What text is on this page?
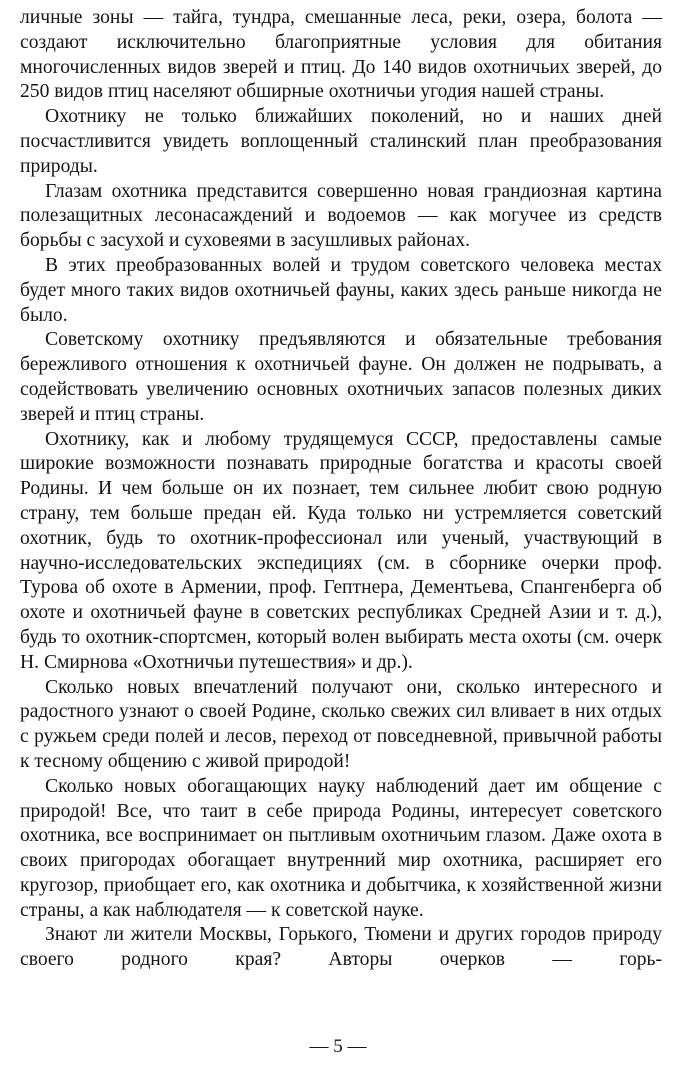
личные зоны — тайга, тундра, смешанные леса, реки, озера, болота — создают исключительно благоприятные условия для обитания многочисленных видов зверей и птиц. До 140 видов охотничьих зверей, до 250 видов птиц населяют обширные охотничьи угодия нашей страны.

Охотнику не только ближайших поколений, но и наших дней посчастливится увидеть воплощенный сталинский план преобразования природы.

Глазам охотника представится совершенно новая грандиозная картина полезащитных лесонасаждений и водоемов — как могучее из средств борьбы с засухой и суховеями в засушливых районах.

В этих преобразованных волей и трудом советского человека местах будет много таких видов охотничьей фауны, каких здесь раньше никогда не было.

Советскому охотнику предъявляются и обязательные требования бережливого отношения к охотничьей фауне. Он должен не подрывать, а содействовать увеличению основных охотничьих запасов полезных диких зверей и птиц страны.

Охотнику, как и любому трудящемуся СССР, предоставлены самые широкие возможности познавать природные богатства и красоты своей Родины. И чем больше он их познает, тем сильнее любит свою родную страну, тем больше предан ей. Куда только ни устремляется советский охотник, будь то охотник-профессионал или ученый, участвующий в научно-исследовательских экспедициях (см. в сборнике очерки проф. Турова об охоте в Армении, проф. Гептнера, Дементьева, Спангенберга об охоте и охотничьей фауне в советских республиках Средней Азии и т. д.), будь то охотник-спортсмен, который волен выбирать места охоты (см. очерк Н. Смирнова «Охотничьи путешествия» и др.).

Сколько новых впечатлений получают они, сколько интересного и радостного узнают о своей Родине, сколько свежих сил вливает в них отдых с ружьем среди полей и лесов, переход от повседневной, привычной работы к тесному общению с живой природой!

Сколько новых обогащающих науку наблюдений дает им общение с природой! Все, что таит в себе природа Родины, интересует советского охотника, все воспринимает он пытливым охотничьим глазом. Даже охота в своих пригородах обогащает внутренний мир охотника, расширяет его кругозор, приобщает его, как охотника и добытчика, к хозяйственной жизни страны, а как наблюдателя — к советской науке.

Знают ли жители Москвы, Горького, Тюмени и других городов природу своего родного края? Авторы очерков — горь-

— 5 —
